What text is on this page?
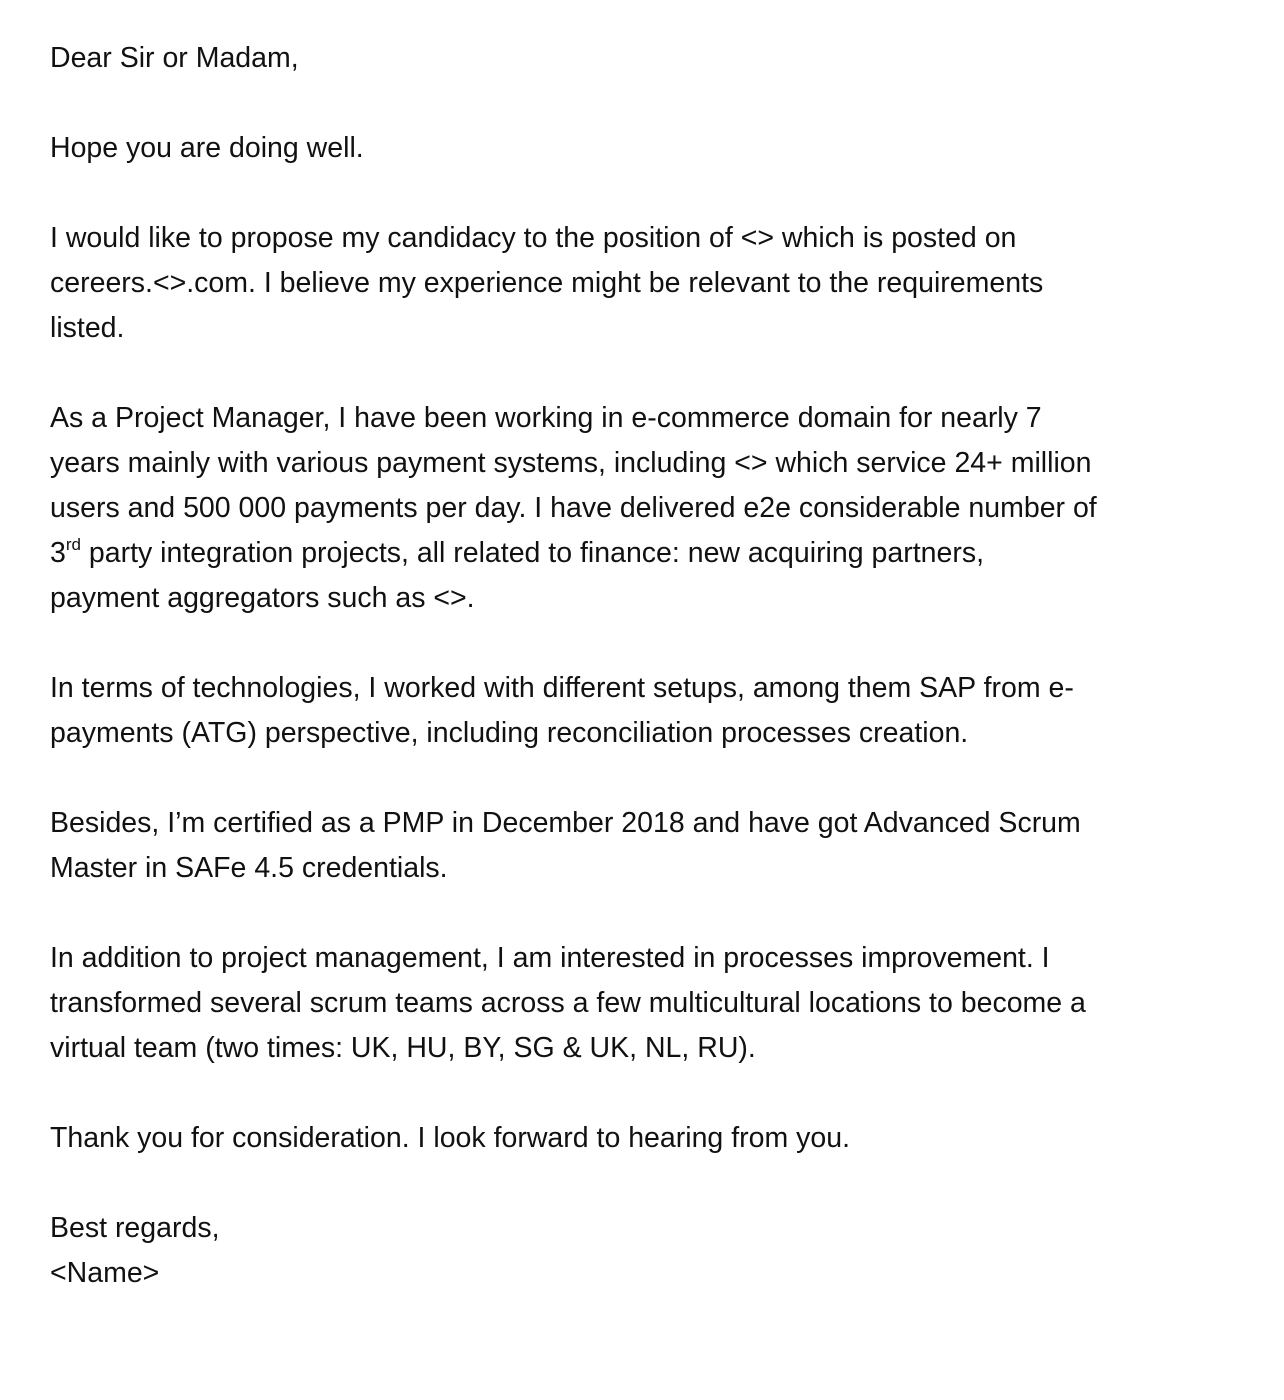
Dear Sir or Madam,

Hope you are doing well.

I would like to propose my candidacy to the position of <> which is posted on
cereers.<>.com. I believe my experience might be relevant to the requirements
listed.

As a Project Manager, I have been working in e-commerce domain for nearly 7
years mainly with various payment systems, including <> which service 24+ million
users and 500 000 payments per day. I have delivered e2e considerable number of
3rd party integration projects, all related to finance: new acquiring partners,
payment aggregators such as <>.

In terms of technologies, I worked with different setups, among them SAP from e-
payments (ATG) perspective, including reconciliation processes creation.

Besides, I’m certified as a PMP in December 2018 and have got Advanced Scrum
Master in SAFe 4.5 credentials.

In addition to project management, I am interested in processes improvement. I
transformed several scrum teams across a few multicultural locations to become a
virtual team (two times: UK, HU, BY, SG & UK, NL, RU).

Thank you for consideration. I look forward to hearing from you.

Best regards,
<Name>
